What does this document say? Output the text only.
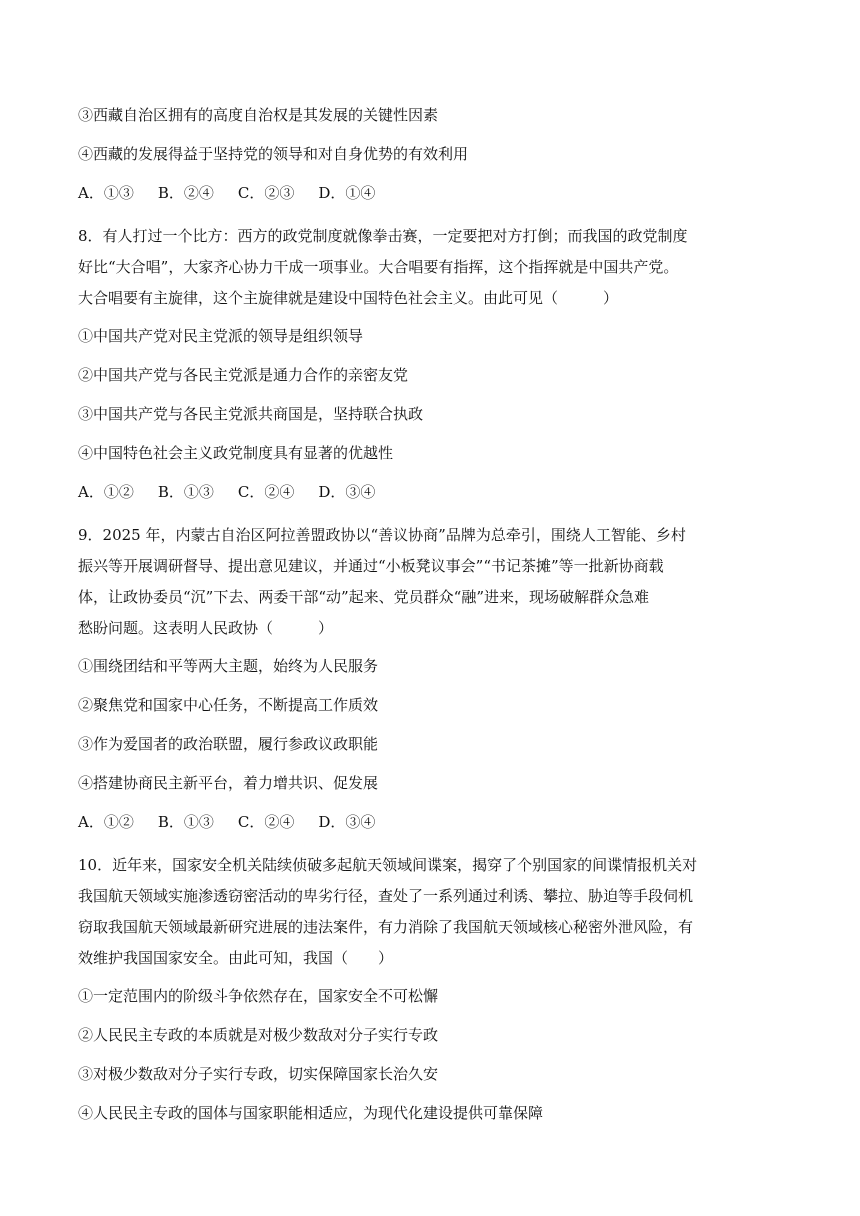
③西藏自治区拥有的高度自治权是其发展的关键性因素

④西藏的发展得益于坚持党的领导和对自身优势的有效利用

A．①③ B．②④ C．②③ D．①④

8．有人打过一个比方：西方的政党制度就像拳击赛，一定要把对方打倒；而我国的政党制度
好比“大合唱”，大家齐心协力干成一项事业。大合唱要有指挥，这个指挥就是中国共产党。
大合唱要有主旋律，这个主旋律就是建设中国特色社会主义。由此可见（　　　）

①中国共产党对民主党派的领导是组织领导

②中国共产党与各民主党派是通力合作的亲密友党

③中国共产党与各民主党派共商国是，坚持联合执政

④中国特色社会主义政党制度具有显著的优越性

A．①② B．①③ C．②④ D．③④

9．2025 年，内蒙古自治区阿拉善盟政协以“善议协商”品牌为总牵引，围绕人工智能、乡村
振兴等开展调研督导、提出意见建议，并通过“小板凳议事会”“书记茶摊”等一批新协商载
体，让政协委员“沉”下去、两委干部“动”起来、党员群众“融”进来，现场破解群众急难
愁盼问题。这表明人民政协（　　　）

①围绕团结和平等两大主题，始终为人民服务

②聚焦党和国家中心任务，不断提高工作质效

③作为爱国者的政治联盟，履行参政议政职能

④搭建协商民主新平台，着力增共识、促发展

A．①② B．①③ C．②④ D．③④

10．近年来，国家安全机关陆续侦破多起航天领域间谍案，揭穿了个别国家的间谍情报机关对
我国航天领域实施渗透窃密活动的卑劣行径，查处了一系列通过利诱、攀拉、胁迫等手段伺机
窃取我国航天领域最新研究进展的违法案件，有力消除了我国航天领域核心秘密外泄风险，有
效维护我国国家安全。由此可知，我国（　　）

①一定范围内的阶级斗争依然存在，国家安全不可松懈

②人民民主专政的本质就是对极少数敌对分子实行专政

③对极少数敌对分子实行专政，切实保障国家长治久安

④人民民主专政的国体与国家职能相适应，为现代化建设提供可靠保障
